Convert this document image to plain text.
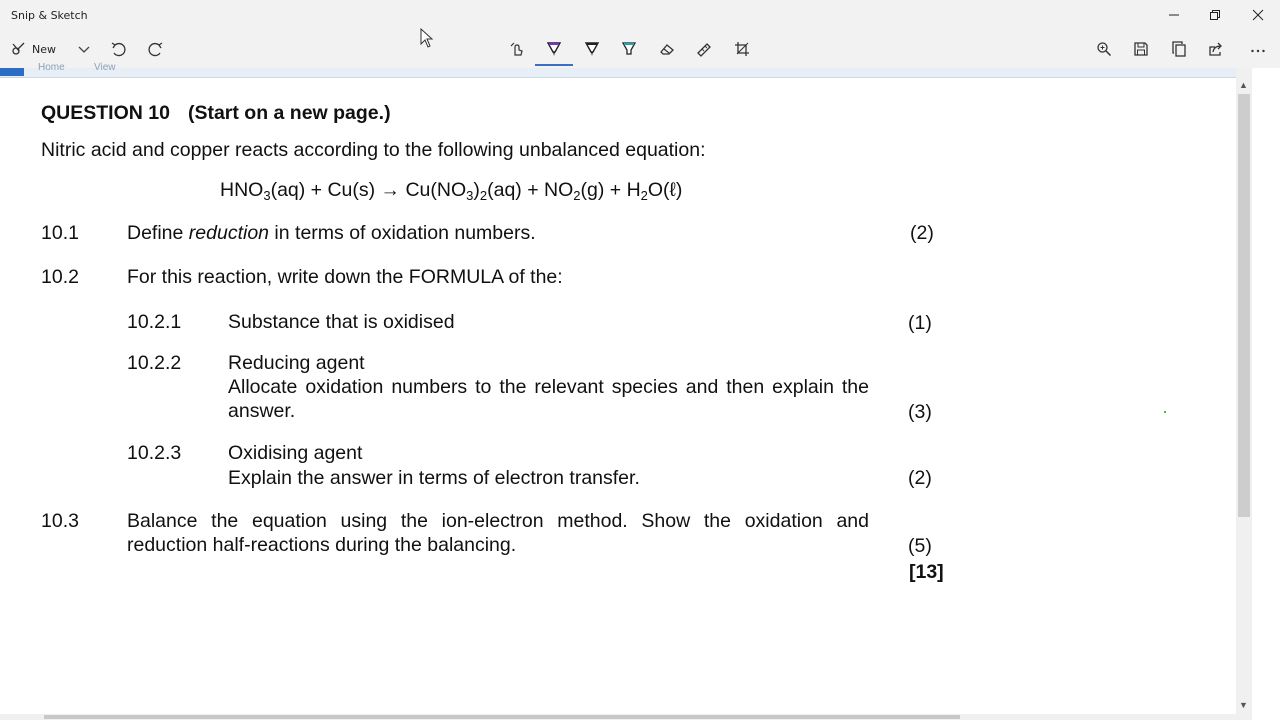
Snip & Sketch
New
Home	View
QUESTION 10 (Start on a new page.)
Nitric acid and copper reacts according to the following unbalanced equation:
$HNO_3(aq) + Cu(s) \to Cu(NO_3)_2(aq) + NO_2(g)$ + $H_2O(\ell)$
10.1 Define reduction in terms of oxidation numbers.	(2)
10.2 For this reaction, write down the FORMULA of the:
10.2.1 Substance that is oxidised	(1)
10.2.2 Reducing agent
Allocate oxidation numbers to the relevant species and then explain the answer.	(3)
10.2.3 Oxidising agent
Explain the answer in terms of electron transfer.	(2)
10.3 Balance the equation using the ion-electron method. Show the oxidation and reduction half-reactions during the balancing.	(5)
[13]
▲
▼
